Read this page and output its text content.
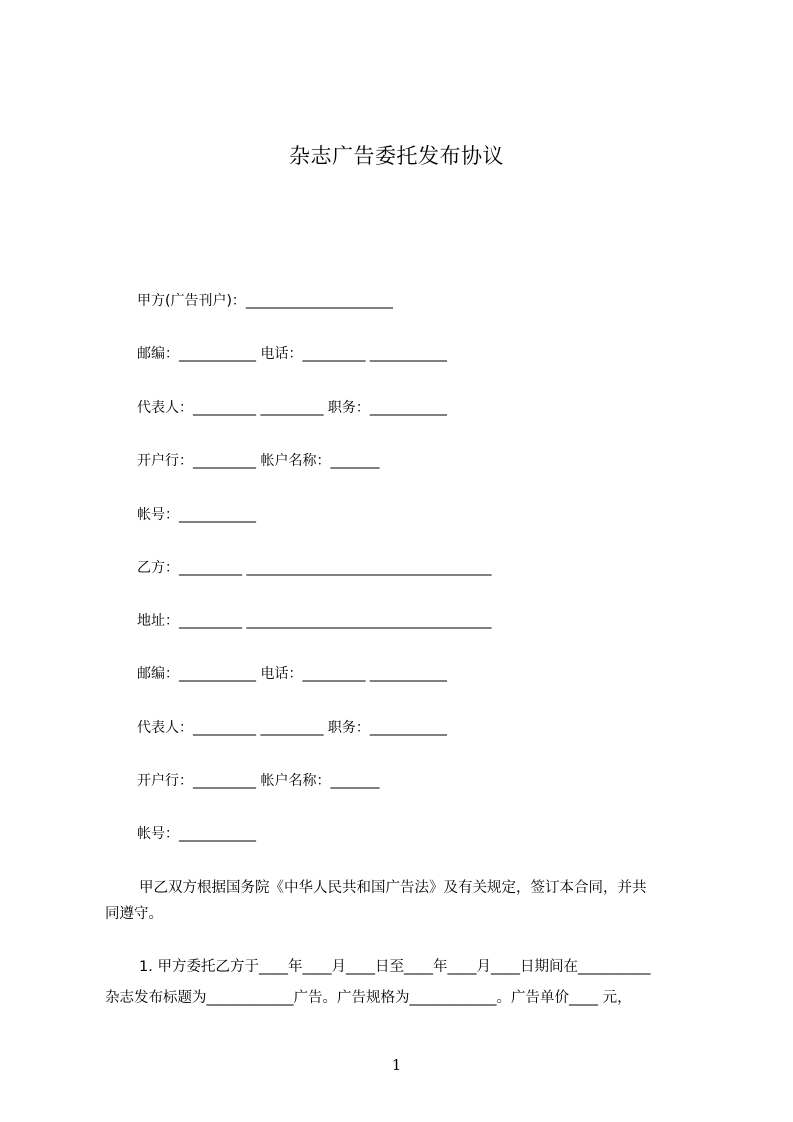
杂志广告委托发布协议
甲方(广告刊户)：_____________________
邮编：___________ 电话：_________ ___________
代表人：_________ _________ 职务：___________
开户行：_________ 帐户名称：_______
帐号：___________
乙方：_________ ___________________________________
地址：_________ ___________________________________
邮编：___________ 电话：_________ ___________
代表人：_________ _________ 职务：___________
开户行：_________ 帐户名称：_______
帐号：___________
甲乙双方根据国务院《中华人民共和国广告法》及有关规定，签订本合同，并共
同遵守。
1. 甲方委托乙方于____年____月____日至____年____月____日期间在__________
杂志发布标题为____________广告。广告规格为____________。广告单价____ 元，
1
